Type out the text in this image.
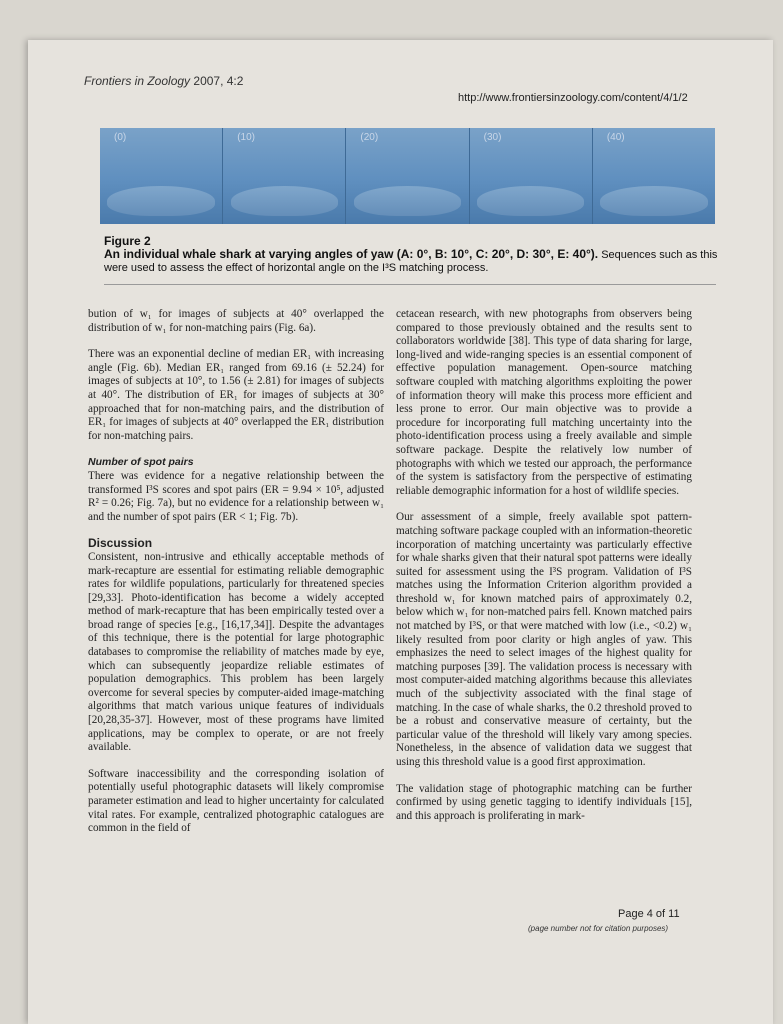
Frontiers in Zoology 2007, 4:2
http://www.frontiersinzoology.com/content/4/1/2
(0)	(10)	(20)	(30)	(40)
Figure 2
An individual whale shark at varying angles of yaw (A: 0°, B: 10°, C: 20°, D: 30°, E: 40°). Sequences such as this were used to assess the effect of horizontal angle on the I³S matching process.

bution of w₁ for images of subjects at 40° overlapped the distribution of w₁ for non-matching pairs (Fig. 6a).

There was an exponential decline of median ER₁ with increasing angle (Fig. 6b). Median ER₁ ranged from 69.16 (± 52.24) for images of subjects at 10°, to 1.56 (± 2.81) for images of subjects at 40°. The distribution of ER₁ for images of subjects at 30° approached that for non-matching pairs, and the distribution of ER₁ for images of subjects at 40° overlapped the ER₁ distribution for non-matching pairs.

Number of spot pairs

There was evidence for a negative relationship between the transformed I³S scores and spot pairs (ER = 9.94 × 10⁵, adjusted R² = 0.26; Fig. 7a), but no evidence for a relationship between w₁ and the number of spot pairs (ER < 1; Fig. 7b).

Discussion

Consistent, non-intrusive and ethically acceptable methods of mark-recapture are essential for estimating reliable demographic rates for wildlife populations, particularly for threatened species [29,33]. Photo-identification has become a widely accepted method of mark-recapture that has been empirically tested over a broad range of species [e.g., [16,17,34]]. Despite the advantages of this technique, there is the potential for large photographic databases to compromise the reliability of matches made by eye, which can subsequently jeopardize reliable estimates of population demographics. This problem has been largely overcome for several species by computer-aided image-matching algorithms that match various unique features of individuals [20,28,35-37]. However, most of these programs have limited applications, may be complex to operate, or are not freely available.

Software inaccessibility and the corresponding isolation of potentially useful photographic datasets will likely compromise parameter estimation and lead to higher uncertainty for calculated vital rates. For example, centralized photographic catalogues are common in the field of

cetacean research, with new photographs from observers being compared to those previously obtained and the results sent to collaborators worldwide [38]. This type of data sharing for large, long-lived and wide-ranging species is an essential component of effective population management. Open-source matching software coupled with matching algorithms exploiting the power of information theory will make this process more efficient and less prone to error. Our main objective was to provide a procedure for incorporating full matching uncertainty into the photo-identification process using a freely available and simple software package. Despite the relatively low number of photographs with which we tested our approach, the performance of the system is satisfactory from the perspective of estimating reliable demographic information for a host of wildlife species.

Our assessment of a simple, freely available spot pattern-matching software package coupled with an information-theoretic incorporation of matching uncertainty was particularly effective for whale sharks given that their natural spot patterns were ideally suited for assessment using the I³S program. Validation of I³S matches using the Information Criterion algorithm provided a threshold w₁ for known matched pairs of approximately 0.2, below which w₁ for non-matched pairs fell. Known matched pairs not matched by I³S, or that were matched with low (i.e., <0.2) w₁ likely resulted from poor clarity or high angles of yaw. This emphasizes the need to select images of the highest quality for matching purposes [39]. The validation process is necessary with most computer-aided matching algorithms because this alleviates much of the subjectivity associated with the final stage of matching. In the case of whale sharks, the 0.2 threshold proved to be a robust and conservative measure of certainty, but the particular value of the threshold will likely vary among species. Nonetheless, in the absence of validation data we suggest that using this threshold value is a good first approximation.

The validation stage of photographic matching can be further confirmed by using genetic tagging to identify individuals [15], and this approach is proliferating in mark-

Page 4 of 11
(page number not for citation purposes)
